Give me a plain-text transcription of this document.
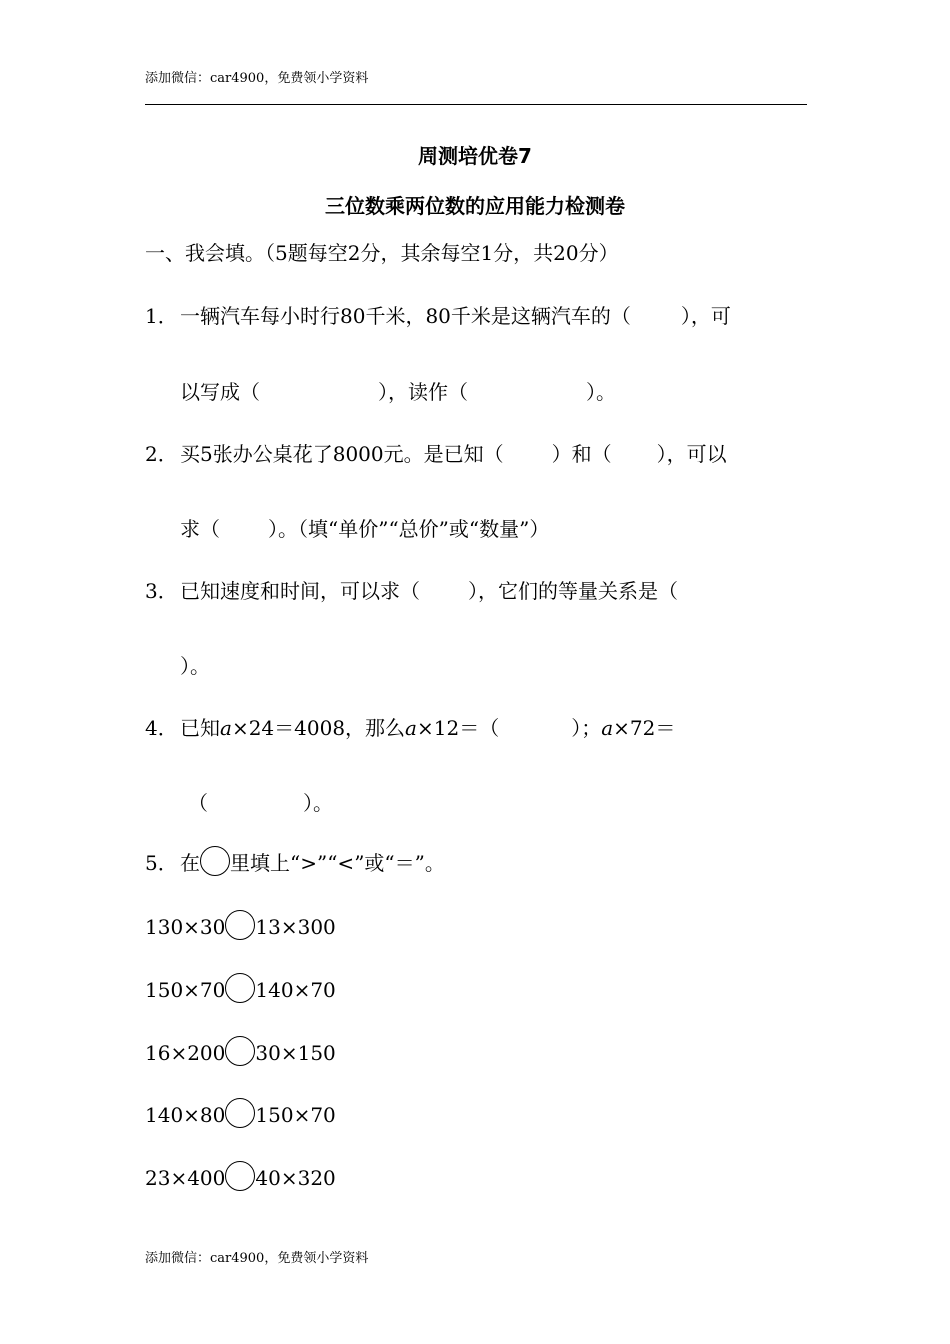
添加微信：car4900，免费领小学资料
周测培优卷7
三位数乘两位数的应用能力检测卷
一、我会填。（5题每空2分，其余每空1分，共20分）
1． 一辆汽车每小时行80千米，80千米是这辆汽车的（	），可
以写成（	），读作（	）。
2． 买5张办公桌花了8000元。是已知（ ）和（ ），可以
求（ ）。（填“单价”“总价”或“数量”）
3． 已知速度和时间，可以求（ ），它们的等量关系是（
）。
4． 已知a×24＝4008，那么a×12＝（	）；a×72＝
（	）。
5． 在 里填上“>”“<”或“＝”。
130×30 13×300
150×70 140×70
16×200 30×150
140×80 150×70
23×400 40×320
添加微信：car4900，免费领小学资料
